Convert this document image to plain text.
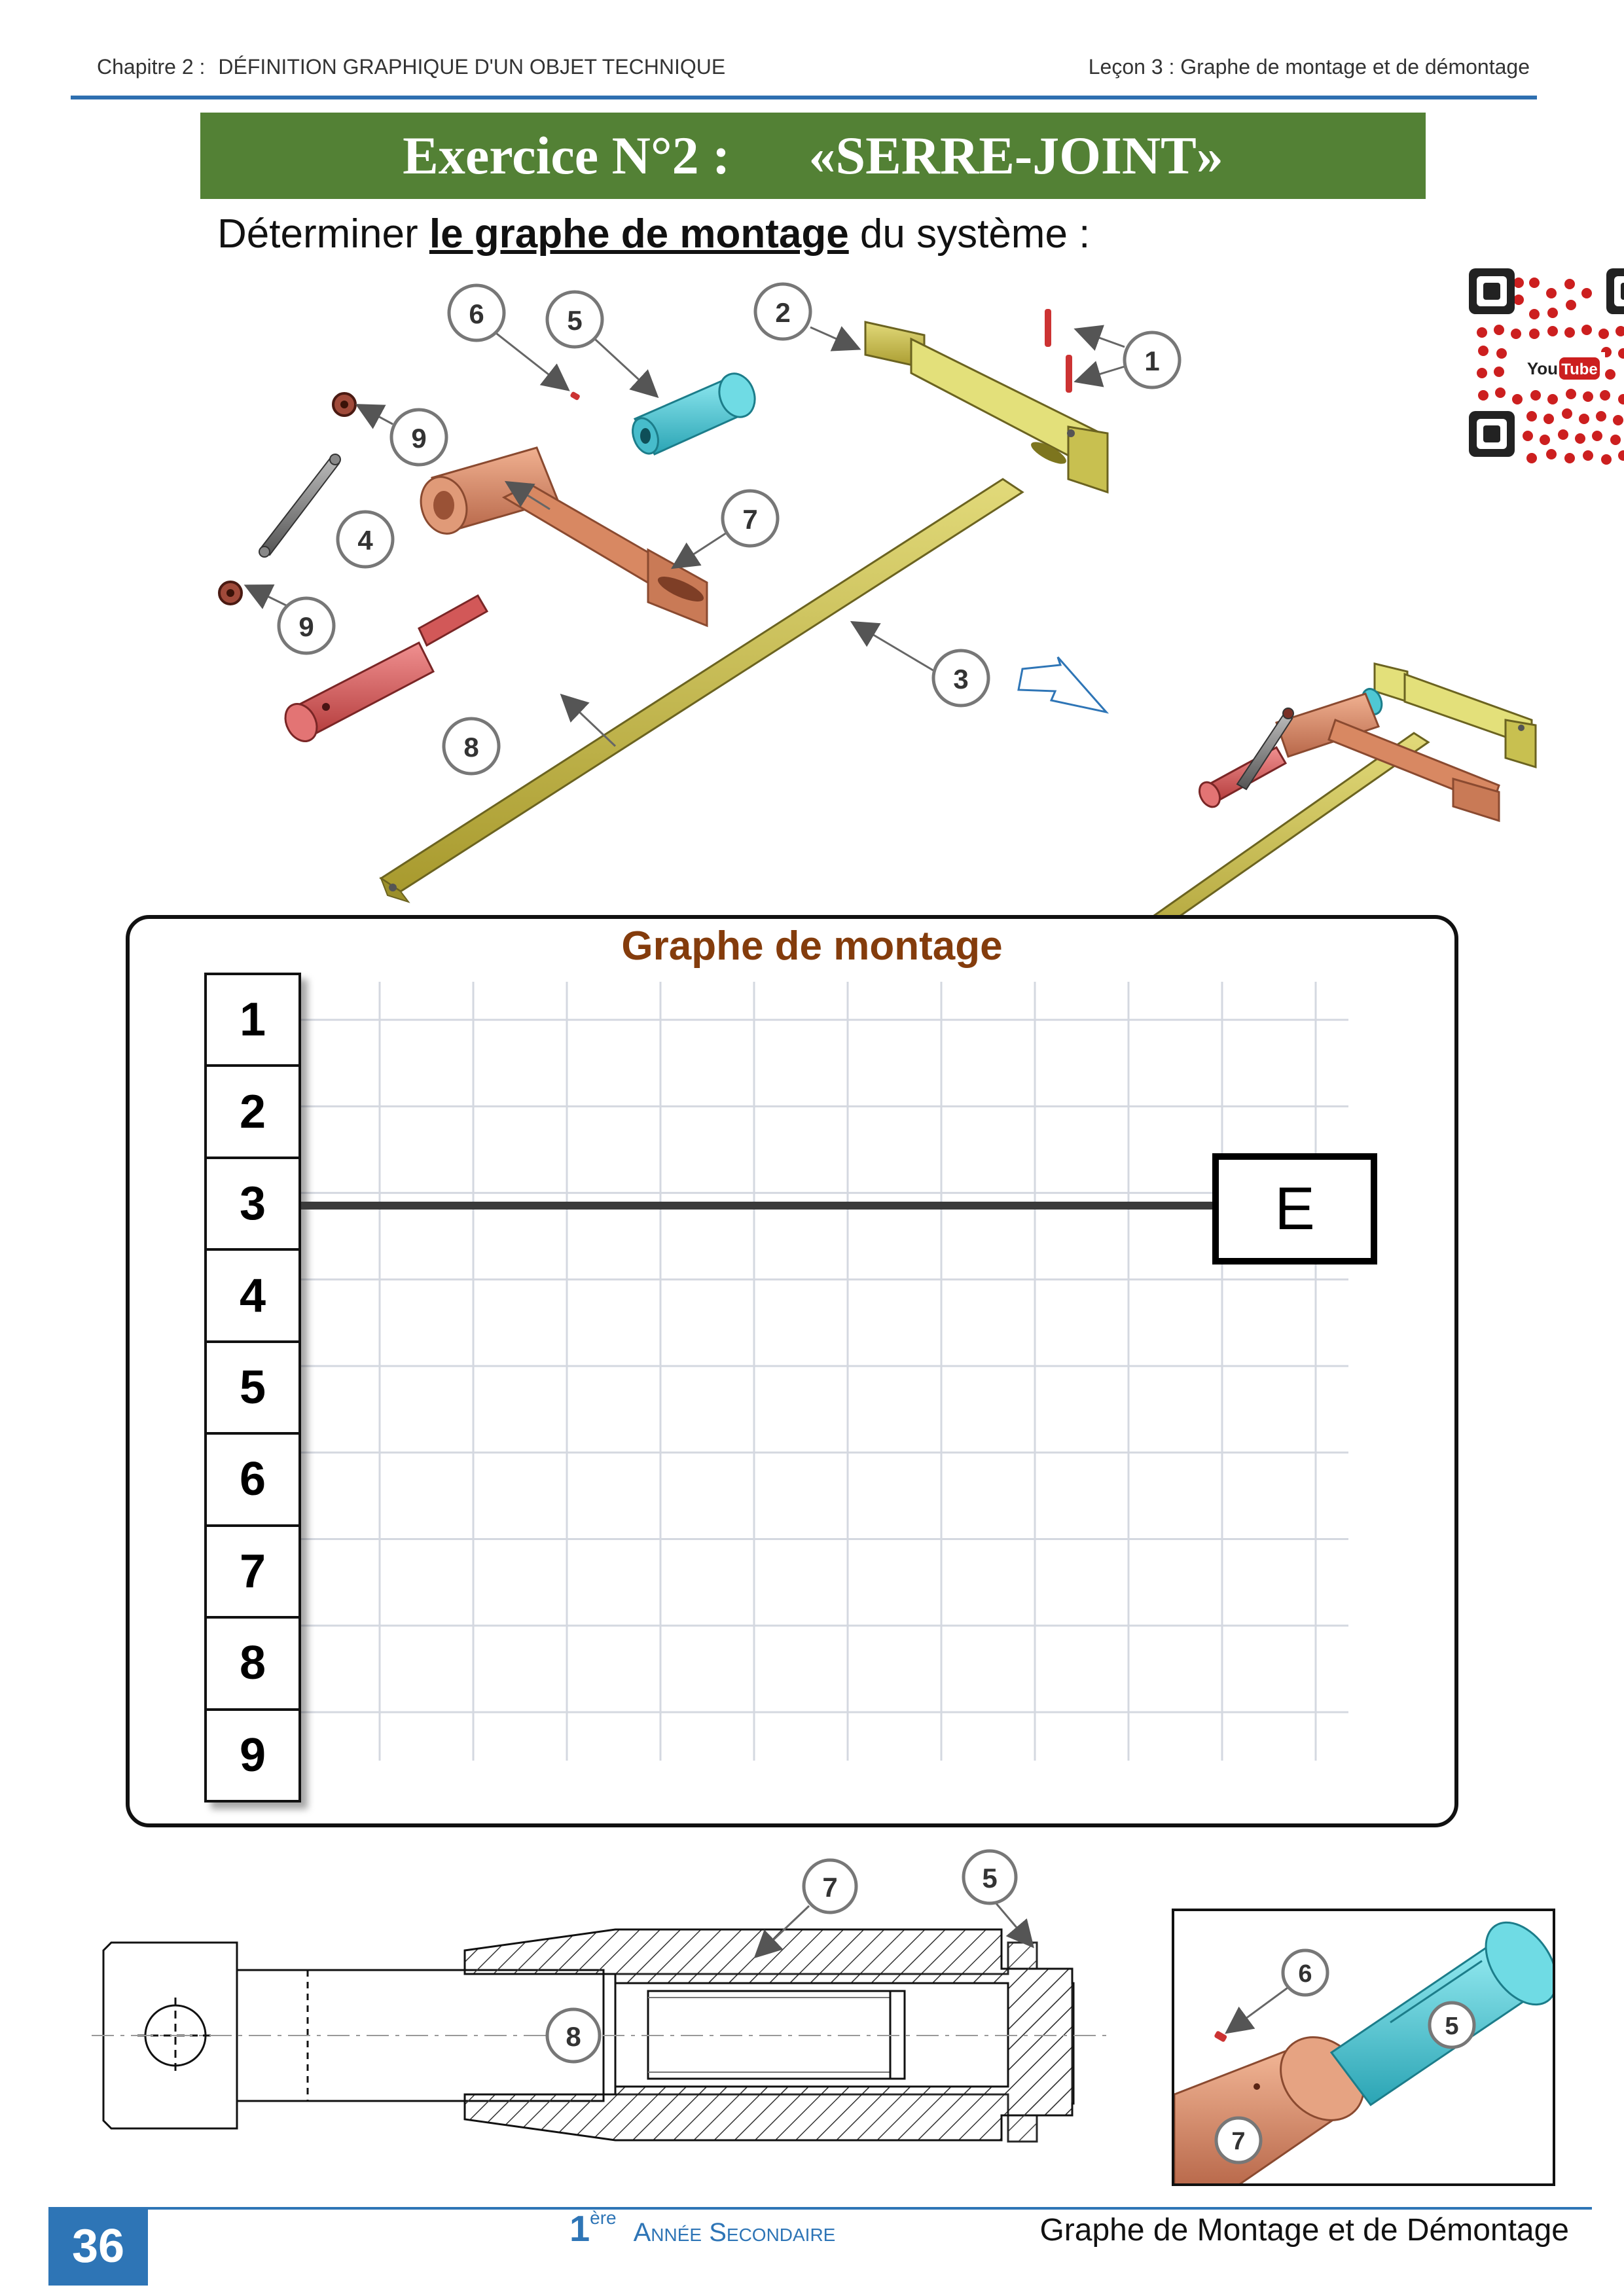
Chapitre 2 : DÉFINITION GRAPHIQUE D'UN OBJET TECHNIQUE	Leçon 3 : Graphe de montage et de démontage
Exercice N°2 : «SERRE-JOINT»
Déterminer le graphe de montage du système :
You Tube
1
2
3
4
5
6
7
8
9
9
Graphe de montage
1
2
3
4
5
6
7
8
9
E
7	5
8
6
5
7
36	1èreAnnée Secondaire	Graphe de Montage et de Démontage
